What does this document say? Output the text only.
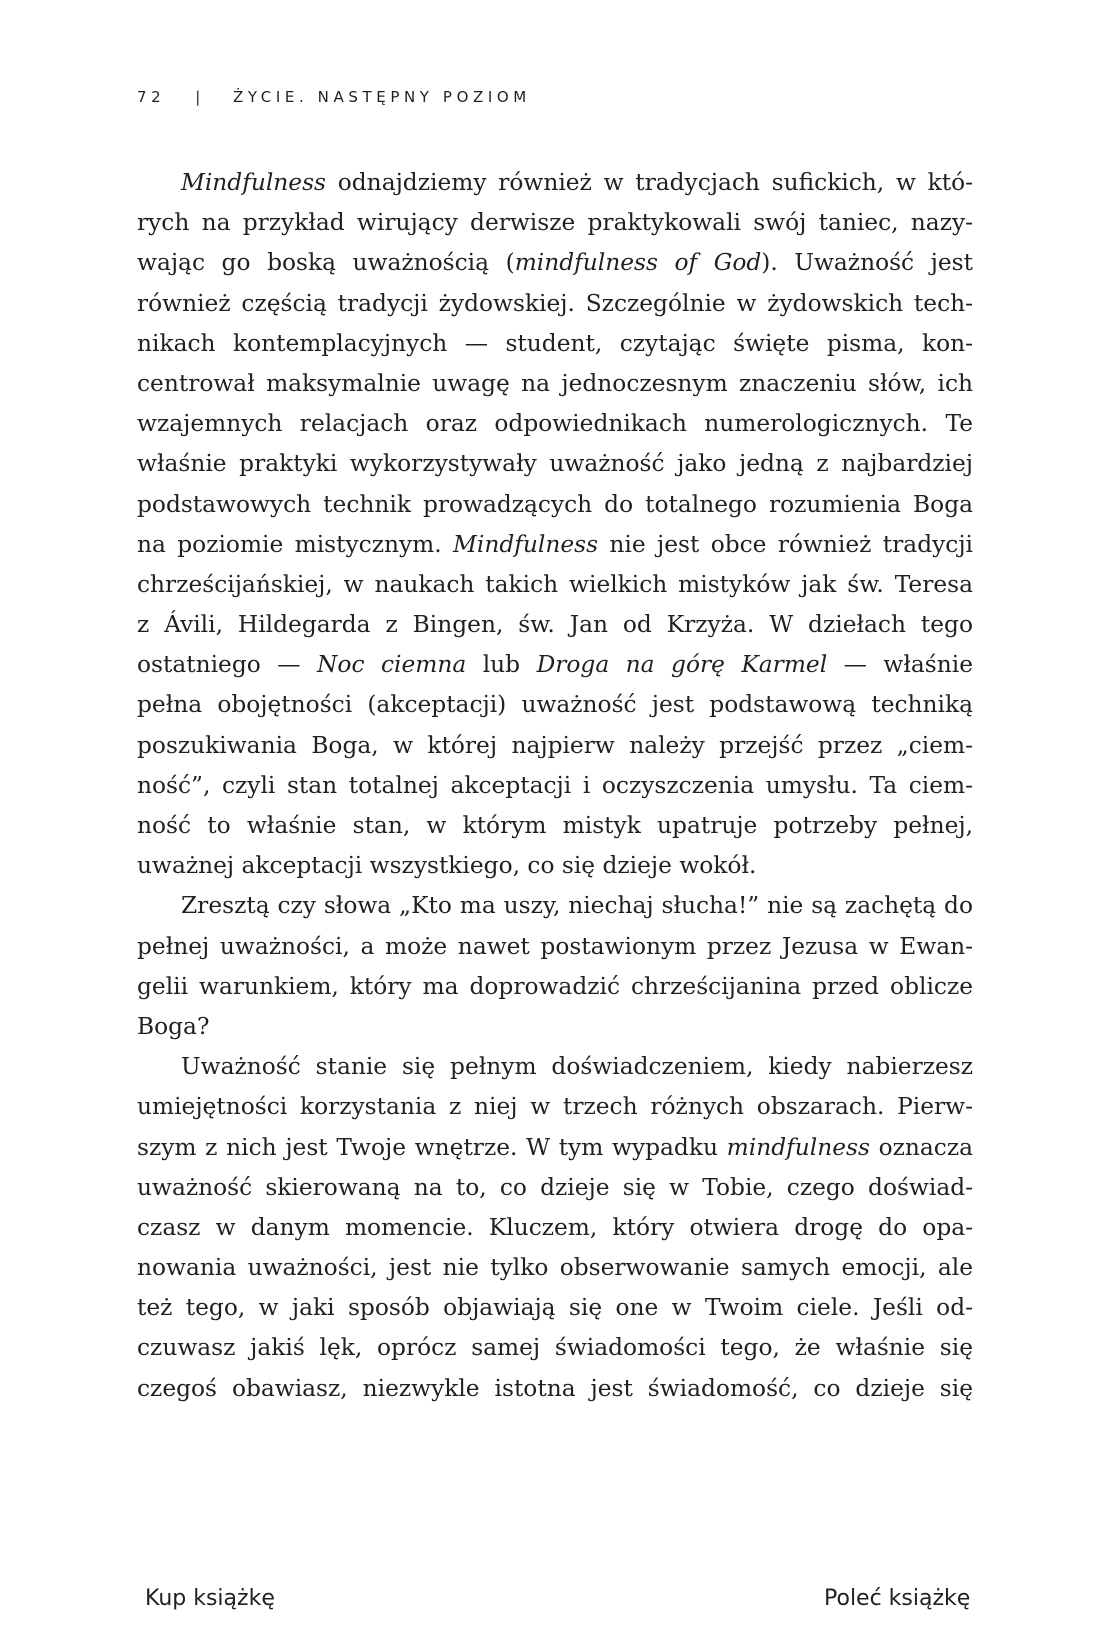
72 | ŻYCIE. NASTĘPNY POZIOM
Mindfulness odnajdziemy również w tradycjach sufickich, w któ-
rych na przykład wirujący derwisze praktykowali swój taniec, nazy-
wając go boską uważnością (mindfulness of God). Uważność jest
również częścią tradycji żydowskiej. Szczególnie w żydowskich tech-
nikach kontemplacyjnych — student, czytając święte pisma, kon-
centrował maksymalnie uwagę na jednoczesnym znaczeniu słów, ich
wzajemnych relacjach oraz odpowiednikach numerologicznych. Te
właśnie praktyki wykorzystywały uważność jako jedną z najbardziej
podstawowych technik prowadzących do totalnego rozumienia Boga
na poziomie mistycznym. Mindfulness nie jest obce również tradycji
chrześcijańskiej, w naukach takich wielkich mistyków jak św. Teresa
z Ávili, Hildegarda z Bingen, św. Jan od Krzyża. W dziełach tego
ostatniego — Noc ciemna lub Droga na górę Karmel — właśnie
pełna obojętności (akceptacji) uważność jest podstawową techniką
poszukiwania Boga, w której najpierw należy przejść przez „ciem-
ność”, czyli stan totalnej akceptacji i oczyszczenia umysłu. Ta ciem-
ność to właśnie stan, w którym mistyk upatruje potrzeby pełnej,
uważnej akceptacji wszystkiego, co się dzieje wokół.
Zresztą czy słowa „Kto ma uszy, niechaj słucha!” nie są zachętą do
pełnej uważności, a może nawet postawionym przez Jezusa w Ewan-
gelii warunkiem, który ma doprowadzić chrześcijanina przed oblicze
Boga?
Uważność stanie się pełnym doświadczeniem, kiedy nabierzesz
umiejętności korzystania z niej w trzech różnych obszarach. Pierw-
szym z nich jest Twoje wnętrze. W tym wypadku mindfulness oznacza
uważność skierowaną na to, co dzieje się w Tobie, czego doświad-
czasz w danym momencie. Kluczem, który otwiera drogę do opa-
nowania uważności, jest nie tylko obserwowanie samych emocji, ale
też tego, w jaki sposób objawiają się one w Twoim ciele. Jeśli od-
czuwasz jakiś lęk, oprócz samej świadomości tego, że właśnie się
czegoś obawiasz, niezwykle istotna jest świadomość, co dzieje się
Kup książkę	Poleć książkę
